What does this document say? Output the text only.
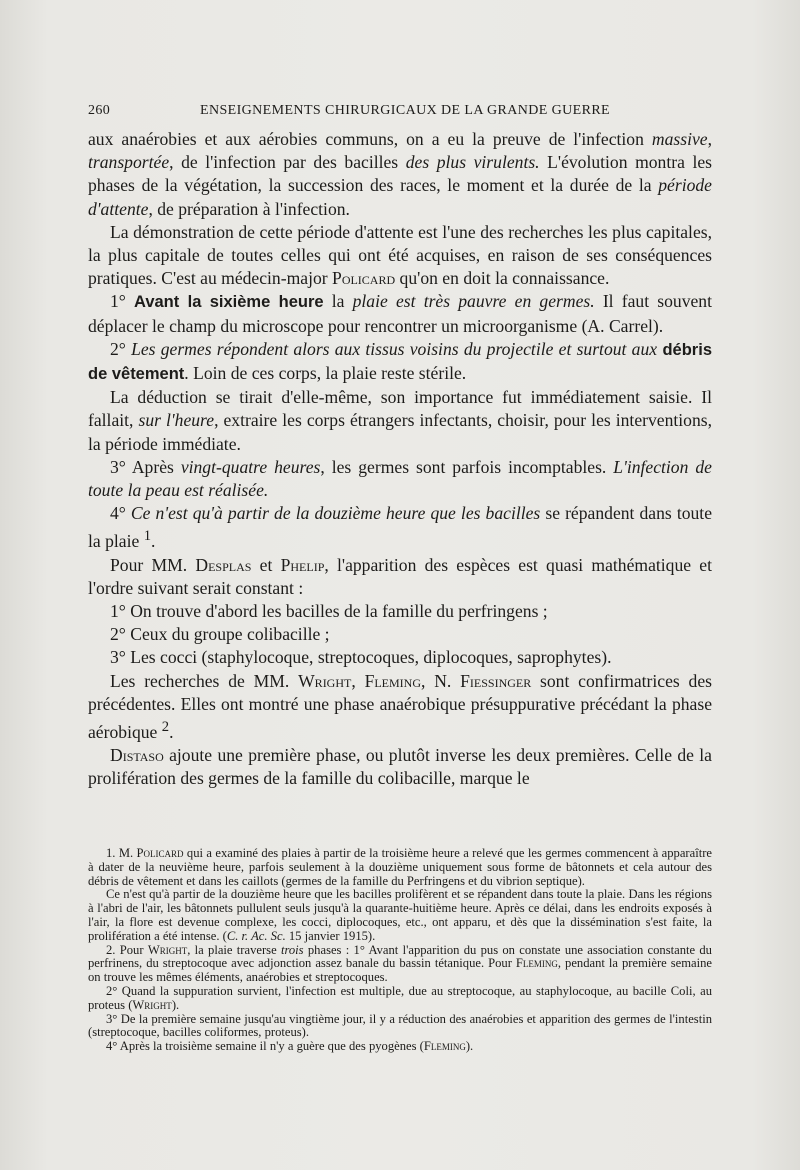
260	ENSEIGNEMENTS CHIRURGICAUX DE LA GRANDE GUERRE

aux anaérobies et aux aérobies communs, on a eu la preuve de l'infection massive, transportée, de l'infection par des bacilles des plus virulents. L'évolution montra les phases de la végétation, la succession des races, le moment et la durée de la période d'attente, de préparation à l'infection.

La démonstration de cette période d'attente est l'une des recherches les plus capitales, la plus capitale de toutes celles qui ont été acquises, en raison de ses conséquences pratiques. C'est au médecin-major Policard qu'on en doit la connaissance.

1° Avant la sixième heure la plaie est très pauvre en germes. Il faut souvent déplacer le champ du microscope pour rencontrer un microorganisme (A. Carrel).

2° Les germes répondent alors aux tissus voisins du projectile et surtout aux débris de vêtement. Loin de ces corps, la plaie reste stérile.

La déduction se tirait d'elle-même, son importance fut immédiatement saisie. Il fallait, sur l'heure, extraire les corps étrangers infectants, choisir, pour les interventions, la période immédiate.

3° Après vingt-quatre heures, les germes sont parfois incomptables. L'infection de toute la peau est réalisée.

4° Ce n'est qu'à partir de la douzième heure que les bacilles se répandent dans toute la plaie $^1$.

Pour MM. Desplas et Phelip, l'apparition des espèces est quasi mathématique et l'ordre suivant serait constant :

1° On trouve d'abord les bacilles de la famille du perfringens ;

2° Ceux du groupe colibacille ;

3° Les cocci (staphylocoque, streptocoques, diplocoques, saprophytes).

Les recherches de MM. Wright, Fleming, N. Fiessinger sont confirmatrices des précédentes. Elles ont montré une phase anaérobique présuppurative précédant la phase aérobique $^2$.

Distaso ajoute une première phase, ou plutôt inverse les deux premières. Celle de la prolifération des germes de la famille du colibacille, marque le

1. M. Policard qui a examiné des plaies à partir de la troisième heure a relevé que les germes commencent à apparaître à dater de la neuvième heure, parfois seulement à la douzième uniquement sous forme de bâtonnets et cela autour des débris de vêtement et dans les caillots (germes de la famille du Perfringens et du vibrion septique).

Ce n'est qu'à partir de la douzième heure que les bacilles prolifèrent et se répandent dans toute la plaie. Dans les régions à l'abri de l'air, les bâtonnets pullulent seuls jusqu'à la quarante-huitième heure. Après ce délai, dans les endroits exposés à l'air, la flore est devenue complexe, les cocci, diplocoques, etc., ont apparu, et dès que la dissémination s'est faite, la prolifération a été intense. (C. r. Ac. Sc. 15 janvier 1915).

2. Pour Wright, la plaie traverse trois phases : 1° Avant l'apparition du pus on constate une association constante du perfrinens, du streptocoque avec adjonction assez banale du bassin tétanique. Pour Fleming, pendant la première semaine on trouve les mêmes éléments, anaérobies et streptocoques.

2° Quand la suppuration survient, l'infection est multiple, due au streptocoque, au staphylocoque, au bacille Coli, au proteus (Wright).

3° De la première semaine jusqu'au vingtième jour, il y a réduction des anaérobies et apparition des germes de l'intestin (streptocoque, bacilles coliformes, proteus).

4° Après la troisième semaine il n'y a guère que des pyogènes (Fleming).
